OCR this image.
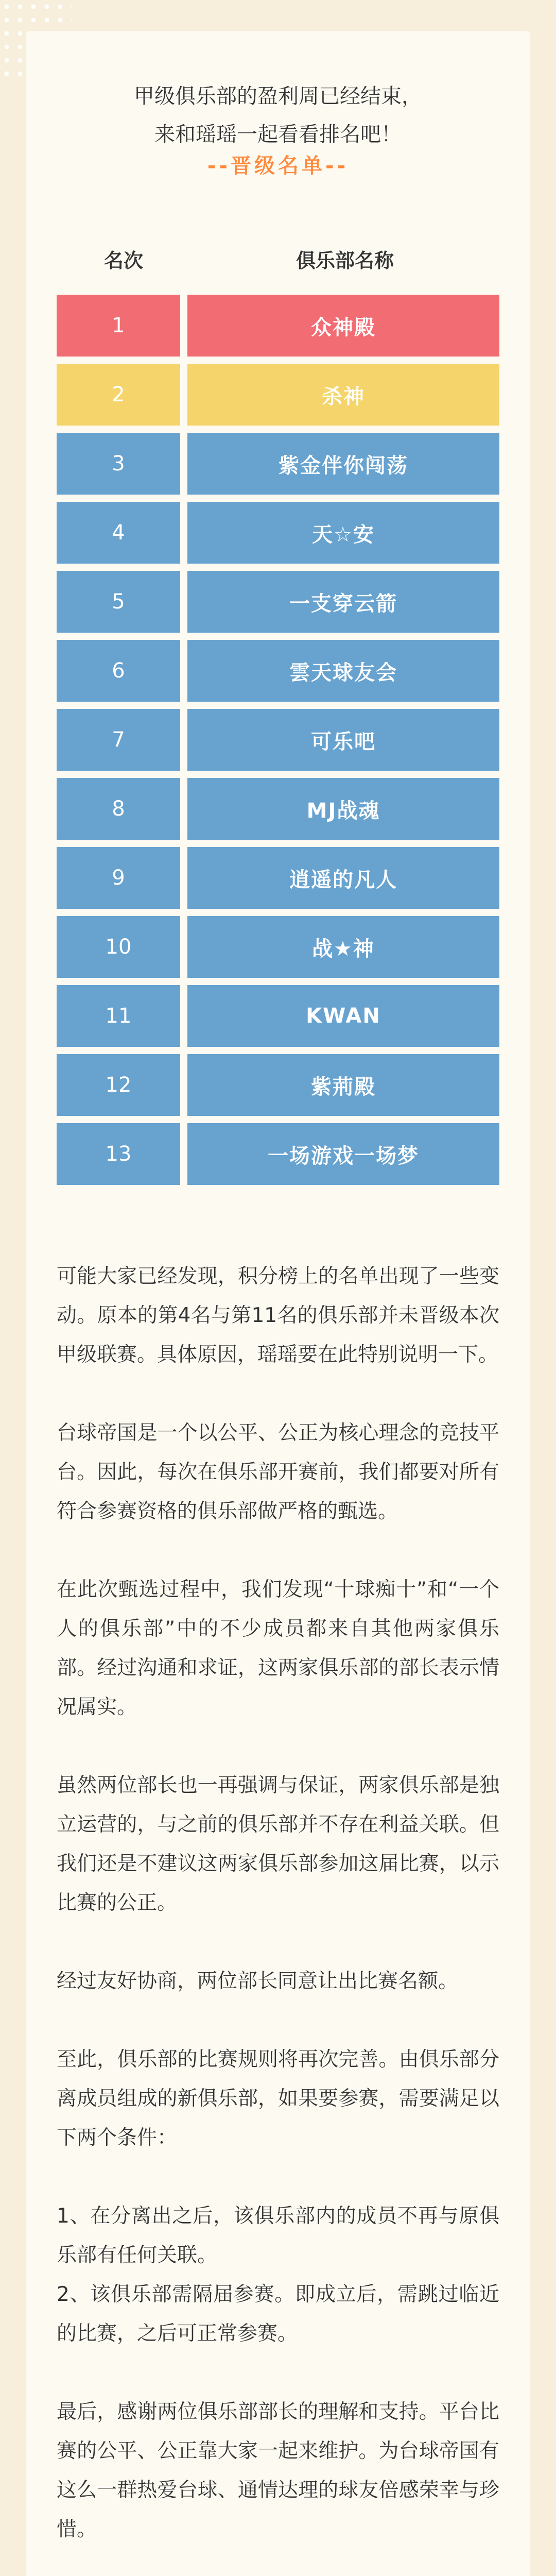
甲级俱乐部的盈利周已经结束，
来和瑶瑶一起看看排名吧！
--晋级名单--
名次	俱乐部名称
1	众神殿
2	杀神
3	紫金伴你闯荡
4	天☆安
5	一支穿云箭
6	雲天球友会
7	可乐吧
8	MJ战魂
9	逍遥的凡人
10	战★神
11	KWAN
12	紫荊殿
13	一场游戏一场梦

可能大家已经发现，积分榜上的名单出现了一些变动。原本的第4名与第11名的俱乐部并未晋级本次甲级联赛。具体原因，瑶瑶要在此特别说明一下。

台球帝国是一个以公平、公正为核心理念的竞技平台。因此，每次在俱乐部开赛前，我们都要对所有符合参赛资格的俱乐部做严格的甄选。

在此次甄选过程中，我们发现“十球痴十”和“一个人的俱乐部”中的不少成员都来自其他两家俱乐部。经过沟通和求证，这两家俱乐部的部长表示情况属实。

虽然两位部长也一再强调与保证，两家俱乐部是独立运营的，与之前的俱乐部并不存在利益关联。但我们还是不建议这两家俱乐部参加这届比赛，以示比赛的公正。

经过友好协商，两位部长同意让出比赛名额。

至此，俱乐部的比赛规则将再次完善。由俱乐部分离成员组成的新俱乐部，如果要参赛，需要满足以下两个条件：

1、在分离出之后，该俱乐部内的成员不再与原俱乐部有任何关联。
2、该俱乐部需隔届参赛。即成立后，需跳过临近的比赛，之后可正常参赛。

最后，感谢两位俱乐部部长的理解和支持。平台比赛的公平、公正靠大家一起来维护。为台球帝国有这么一群热爱台球、通情达理的球友倍感荣幸与珍惜。
